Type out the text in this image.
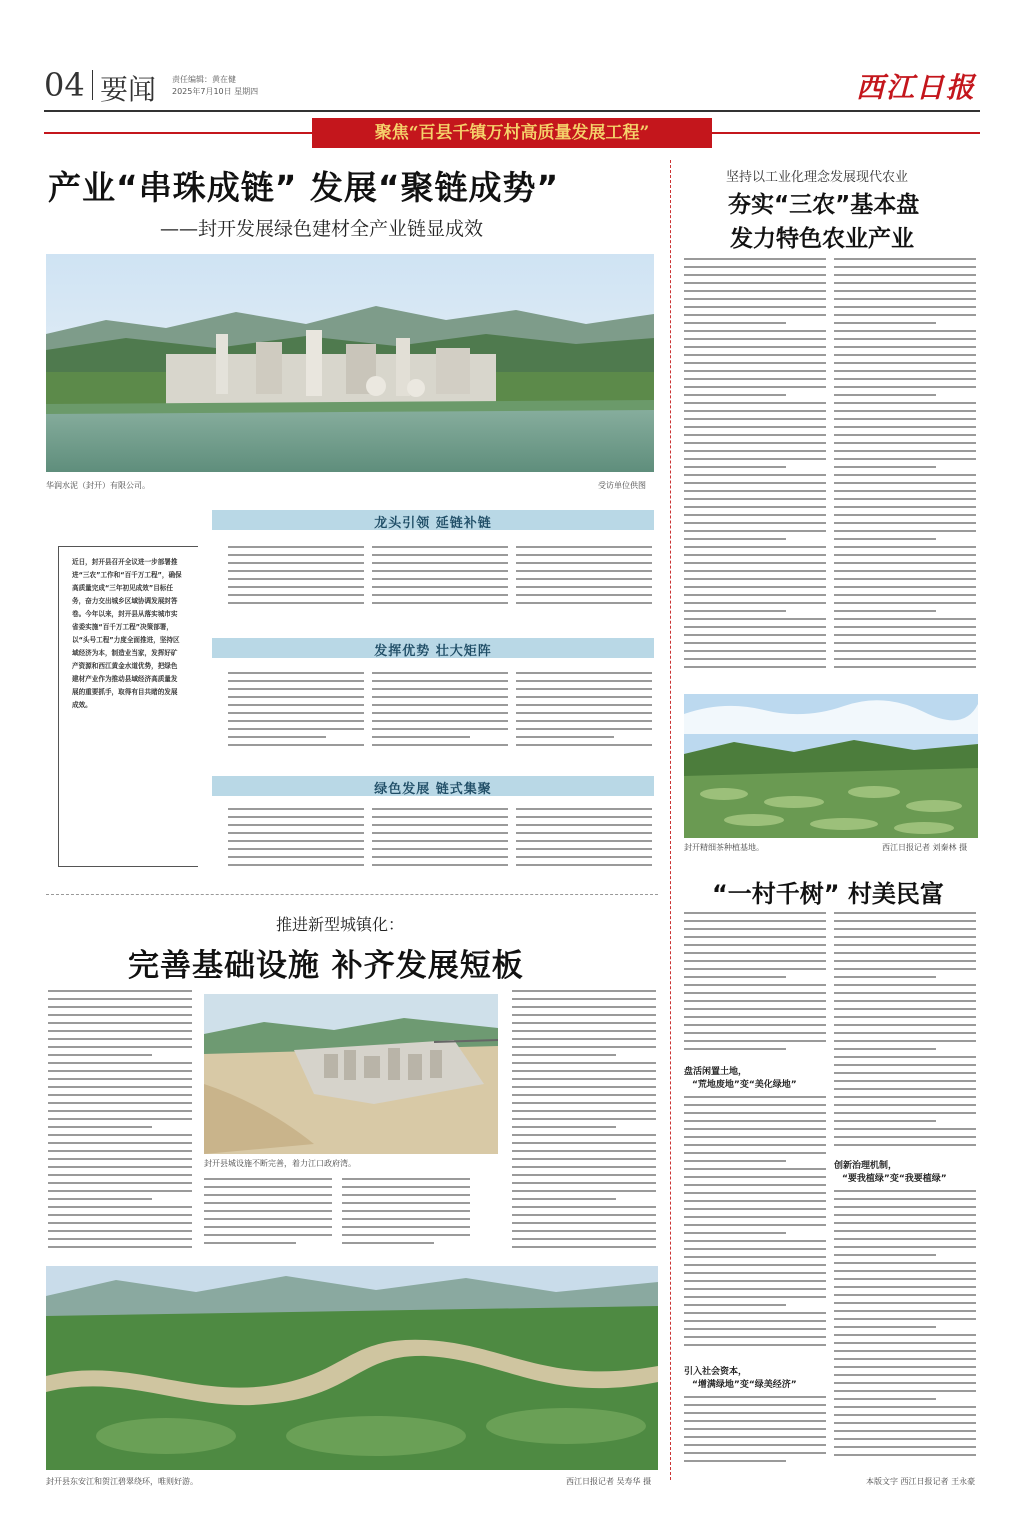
04 要闻 责任编辑：黄在健
2025年7月10日 星期四	西江日报
聚焦“百县千镇万村高质量发展工程”
产业“串珠成链” 发展“聚链成势”
——封开发展绿色建材全产业链显成效
华润水泥（封开）有限公司。	受访单位供图
近日，封开县召开全议进一步部署推进“三农”工作和“百千万工程”，确保高质量完成“三年初见成效”目标任务，奋力交出城乡区域协调发展封答卷。今年以来，封开县从落实城市实省委实施“百千万工程”决策部署，以“头号工程”力度全面推进，坚持区域经济为本，制造业当家，发挥好矿产资源和西江黄金水道优势，把绿色建材产业作为推动县域经济高质量发展的重要抓手，取得有目共睹的发展成效。
龙头引领 延链补链
发挥优势 壮大矩阵
绿色发展 链式集聚
坚持以工业化理念发展现代农业
夯实“三农”基本盘
发力特色农业产业
封开精细茶种植基地。	西江日报记者 刘秦林 摄
推进新型城镇化：
完善基础设施 补齐发展短板
封开县城设施不断完善，着力江口政府湾。
封开县东安江和贺江碧翠绕环，唯则好游。	西江日报记者 吴寿华 摄
“一村千树” 村美民富
盘活闲置土地，
“荒地废地”变“美化绿地”
引入社会资本，
“增满绿地”变“绿美经济”
创新治理机制，
“要我植绿”变“我要植绿”
本版文字 西江日报记者 王永豪
